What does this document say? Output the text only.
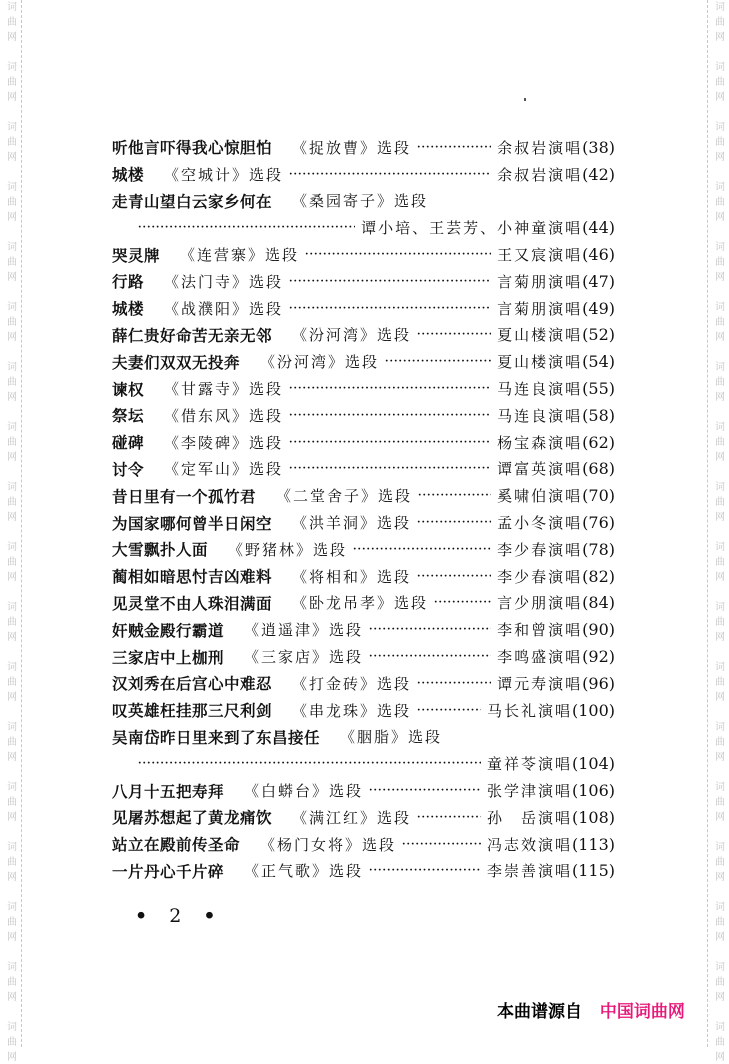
词
曲
网
词
曲
网
词
曲
网
词
曲
网
词
曲
网
词
曲
网
词
曲
网
词
曲
网
词
曲
网
词
曲
网
词
曲
网
词
曲
网
词
曲
网
词
曲
网
词
曲
网
词
曲
网
词
曲
网
词
曲
网
词
曲
网
词
曲
网
词
曲
网
词
曲
网
词
曲
网
词
曲
网
词
曲
网
词
曲
网
词
曲
网
词
曲
网
词
曲
网
词
曲
网
词
曲
网
词
曲
网
词
曲
网
词
曲
网
词
曲
网
词
曲
网
听他言吓得我心惊胆怕 《捉放曹》选段 ·····	余叔岩演唱 (38)
城楼 《空城计》选段 ·····	余叔岩演唱 (42)
走青山望白云家乡何在 《桑园寄子》选段
·····
谭小培、王芸芳、小神童演唱 (44)
哭灵牌 《连营寨》选段 ·····	王又宸演唱 (46)
行路 《法门寺》选段 ·····	言菊朋演唱 (47)
城楼 《战濮阳》选段 ·····	言菊朋演唱 (49)
薛仁贵好命苦无亲无邻 《汾河湾》选段 ·····	夏山楼演唱 (52)
夫妻们双双无投奔 《汾河湾》选段 ·····	夏山楼演唱 (54)
谏权 《甘露寺》选段 ·····	马连良演唱 (55)
祭坛 《借东风》选段 ·····	马连良演唱 (58)
碰碑 《李陵碑》选段 ·····	杨宝森演唱 (62)
讨令 《定军山》选段 ·····	谭富英演唱 (68)
昔日里有一个孤竹君 《二堂舍子》选段 ·····	奚啸伯演唱 (70)
为国家哪何曾半日闲空 《洪羊洞》选段 ·····	孟小冬演唱 (76)
大雪飘扑人面 《野猪林》选段 ·····	李少春演唱 (78)
蔺相如暗思忖吉凶难料 《将相和》选段 ·····	李少春演唱 (82)
见灵堂不由人珠泪满面 《卧龙吊孝》选段 ·····	言少朋演唱 (84)
奸贼金殿行霸道 《逍遥津》选段 ·····	李和曾演唱 (90)
三家店中上枷刑 《三家店》选段 ·····	李鸣盛演唱 (92)
汉刘秀在后宫心中难忍 《打金砖》选段 ·····	谭元寿演唱 (96)
叹英雄枉挂那三尺利剑 《串龙珠》选段 ·····	马长礼演唱 (100)
吴南岱昨日里来到了东昌接任 《胭脂》选段
·····
童祥苓演唱 (104)
八月十五把寿拜 《白蟒台》选段 ·····	张学津演唱 (106)
见屠苏想起了黄龙痛饮 《满江红》选段 ·····	孙　岳演唱 (108)
站立在殿前传圣命 《杨门女将》选段 ·····	冯志效演唱 (113)
一片丹心千片碎 《正气歌》选段 ·····	李崇善演唱 (115)
• 2 •
本曲谱源自 中国词曲网
